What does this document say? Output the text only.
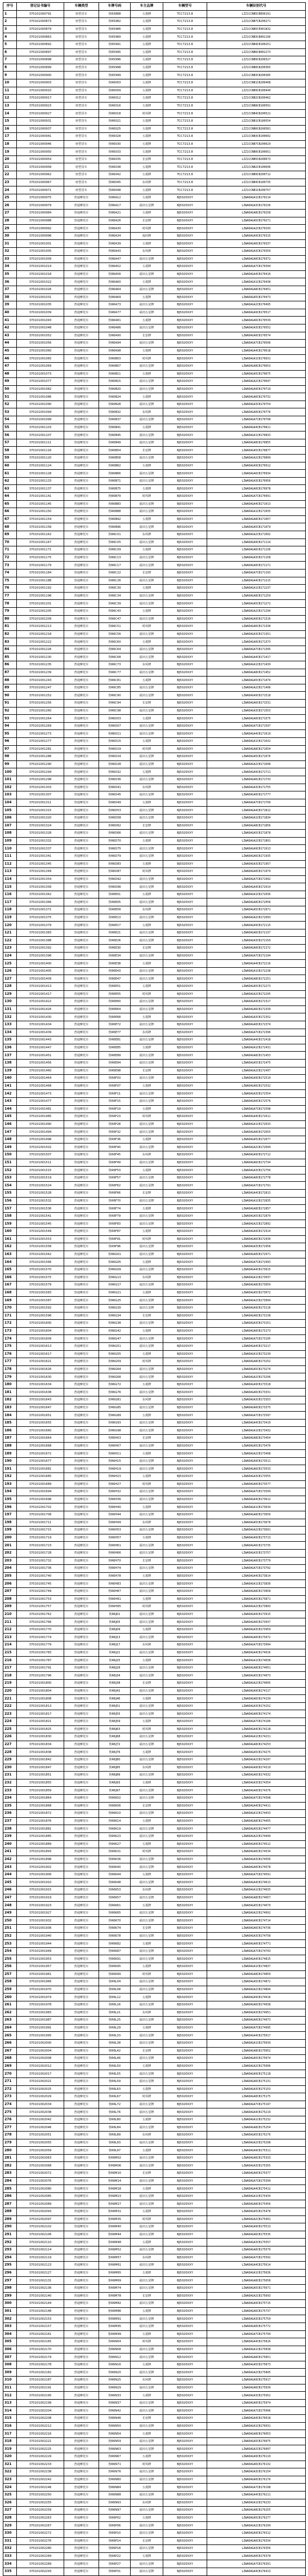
序号	登记证书编号	车辆类型	车牌号码	车主品牌	车辆型号	车辆识别代号
1	370101000791	轻型货车	鲁R3888	五菱牌	TCC7213.8	LZZ1CCNB5CBE00191
2	370101000873	轻型货车	鲁R5982	五菱牌	TCC7213.8	LZZ1CCNB7CB200271
3	370101000879	轻型货车	鲁R5986	五菱牌	TCC7213.8	LZZ1CCNB5CE001832
4	370101000863	轻型货车	鲁R5989	五菱牌	TCC7213.8	LZZ1CCNB3CB002196
5	370101000892	轻型货车	鲁R5991	五菱牌	TCC7213.8	LZZ1CCNB4CB100251
6	370101000897	轻型货车	鲁R5995	五菱牌	TCC7213.8	LZZ1CCNB6CB002273
7	370101000898	轻型货车	鲁R5996	五菱牌	TCC7213.8	LZZ1CCNB9CB200327
8	370101000899	轻型货车	鲁R5998	五菱牌	TCC7213.8	LZZ1CCNB0CB200365
9	370101000900	轻型货车	鲁R5999	五菱牌	TCC7213.8	LZZ1CCNB3CB200385
10	370101000903	轻型货车	鲁R6003	五菱牌	TCC7213.8	LZZ1CCNB1CB200408
11	370101000910	轻型货车	鲁R6009	五菱牌	TCC7213.8	LZZ1CCNB9CB100440
12	370101000917	轻型货车	鲁R6012	五菱牌	TCC7213.8	LZZ1CCNB2CB200462
13	370101000923	轻型货车	鲁R6016	五菱牌	TCC7213.8	LZZ1CCNB8CB100501
14	370101000927	轻型货车	鲁R6018	时风牌	TCC7213.8	LZZ1CCNB4CB200522
15	370101000931	轻型货车	鲁R6021	五菱牌	TCC7213.8	LZZ1CCNB1CB100554
16	370101000937	轻型货车	鲁R6025	五菱牌	TCC7213.8	LZZ1CCNB6CB200581
17	370101000941	轻型货车	鲁R6028	五菱牌	TCC7213.8	LZZ1CCNB3CB100602
18	370101000946	轻型货车	鲁R6030	五菱牌	TCC7213.8	LZZ1CCNB7CB200629
19	370101000950	轻型货车	鲁R6033	五菱牌	TCC7213.8	LZZ1CCNB0CB100651
20	370101000954	轻型货车	鲁R6035	长安牌	TCC7213.8	LZZ1CCNB5CB200673
21	370101000958	轻型货车	鲁R6038	五菱牌	TCC7213.8	LZZ1CCNB2CB100696
22	370101000962	轻型货车	鲁R6042	五菱牌	TCC7213.8	LZZ1CCNB9CB200712
23	370101000967	轻型货车	鲁R6045	东风牌	TCC7213.8	LZZ1CCNB4CB100735
24	370101000971	轻型货车	鲁R6048	五菱牌	TCC7213.8	LZZ1CCNB1CB200757
25	370101000975	普通摩托车	鲁R6A12	五菱牌	BJ5020XXY	LZWADAGA1CB170214
26	370101000979	普通摩托车	鲁R6A17	福田五星牌	BJ5020XXY	LZWADAGA3CB170236
27	370101000984	普通摩托车	鲁R6A21	五菱牌	BJ5020XXY	LZWADAGA8CB170258
28	370101000988	普通摩托车	鲁R6A26	长安牌	BJ5020XXY	LZWADAGA5CB170271
29	370101000992	普通摩托车	鲁R6A30	时风牌	BJ5020XXY	LZWADAGA2CB170293
30	370101000996	普通摩托车	鲁R6A34	福田牌	BJ5020XXY	LZWADAGA9CB170315
31	370101001001	普通摩托车	鲁R6A39	五菱牌	BJ5020XXY	LZWADAGA6CB170337
32	370101001005	普通摩托车	鲁R6A43	东风牌	BJ5020XXY	LZWADAGA3CB170359
33	370101001009	普通摩托车	鲁R6A47	福田五星牌	BJ5020XXY	LZWADAGA0CB170372
34	370101001014	普通摩托车	鲁R6A52	五菱牌	BJ5020XXY	LZWADAGA7CB170394
35	370101001018	普通摩托车	鲁R6A56	福田五星牌	BJ5020XXY	LZWADAGA4CB170416
36	370101001022	普通摩托车	鲁R6A60	五菱牌	BJ5020XXY	LZWADAGA1CB170438
37	370101001026	普通摩托车	鲁R6A64	福田五星牌	BJ5020XXY	LZWADAGA8CB170451
38	370101001031	普通摩托车	鲁R6A69	五菱牌	BJ5020XXY	LZWADAGA5CB170473
39	370101001035	普通摩托车	鲁R6A73	福田五星牌	BJ5020XXY	LZWADAGA2CB170495
40	370101001039	普通摩托车	鲁R6A77	福田五星牌	BJ5020XXY	LZWADAGA9CB170517
41	370101001043	普通摩托车	鲁R6A81	五菱牌	BJ5020XXY	LZWADAGA6CB170539
42	370101001048	普通摩托车	鲁R6A86	福田五星牌	BJ5020XXY	LZWADAGA3CB170552
43	370101001052	普通摩托车	鲁R6A90	长安牌	BJ5020XXY	LZWADAGA0CB170574
44	370101001056	普通摩托车	鲁R6A94	福田五星牌	BJ5020XXY	LZWADAGA7CB170596
45	370101001060	普通摩托车	鲁R6A98	五菱牌	BJ5020XXY	LZWADAGA4CB170618
46	370101001065	普通摩托车	鲁R6B03	时风牌	BJ5020XXY	LZWADAGA1CB170631
47	370101001069	普通摩托车	鲁R6B07	福田五星牌	BJ5020XXY	LZWADAGA8CB170653
48	370101001073	普通摩托车	鲁R6B11	五菱牌	BJ5020XXY	LZWADAGA5CB170675
49	370101001077	普通摩托车	鲁R6B15	福田五星牌	BJ5020XXY	LZWADAGA2CB170697
50	370101001082	普通摩托车	鲁R6B20	福田五星牌	BJ5020XXY	LZWADAGA9CB170719
51	370101001086	普通摩托车	鲁R6B24	五菱牌	BJ5020XXY	LZWADAGA6CB170732
52	370101001090	普通摩托车	鲁R6B28	福田五星牌	BJ5020XXY	LZWADAGA3CB170754
53	370101001094	普通摩托车	鲁R6B32	东风牌	BJ5020XXY	LZWADAGA0CB170776
54	370101001099	普通摩托车	鲁R6B37	福田五星牌	BJ5020XXY	LZWADAGA7CB170798
55	370101001103	普通摩托车	鲁R6B41	五菱牌	BJ5020XXY	LZWADAGA4CB170811
56	370101001107	普通摩托车	鲁R6B45	福田五星牌	BJ5020XXY	LZWADAGA1CB170833
57	370101001111	普通摩托车	鲁R6B49	福田五星牌	BJ5020XXY	LZWADAGA8CB170855
58	370101001116	普通摩托车	鲁R6B54	长安牌	BJ5020XXY	LZWADAGA5CB170877
59	370101001120	普通摩托车	鲁R6B58	福田五星牌	BJ5020XXY	LZWADAGA2CB170899
60	370101001124	普通摩托车	鲁R6B62	五菱牌	BJ5020XXY	LZWADAGA9CB170912
61	370101001128	普通摩托车	鲁R6B66	福田五星牌	BJ5020XXY	LZWADAGA6CB170934
62	370101001133	普通摩托车	鲁R6B71	福田五星牌	BJ5020XXY	LZWADAGA3CB170956
63	370101001137	普通摩托车	鲁R6B75	五菱牌	BJ5020XXY	LZWADAGA0CB170978
64	370101001141	普通摩托车	鲁R6B79	时风牌	BJ5020XXY	LZWADAGA7CB170991
65	370101001145	普通摩托车	鲁R6B83	福田五星牌	BJ5020XXY	LZWADAGA4CB171013
66	370101001150	普通摩托车	鲁R6B88	福田五星牌	BJ5020XXY	LZWADAGA1CB171035
67	370101001154	普通摩托车	鲁R6B92	五菱牌	BJ5020XXY	LZWADAGA8CB171057
68	370101001158	普通摩托车	鲁R6B96	福田五星牌	BJ5020XXY	LZWADAGA5CB171079
69	370101001162	普通摩托车	鲁R6C01	东风牌	BJ5020XXY	LZWADAGA2CB171092
70	370101001167	普通摩托车	鲁R6C05	福田五星牌	BJ5020XXY	LZWADAGA9CB171114
71	370101001171	普通摩托车	鲁R6C09	五菱牌	BJ5020XXY	LZWADAGA6CB171136
72	370101001175	普通摩托车	鲁R6C13	福田五星牌	BJ5020XXY	LZWADAGA3CB171158
73	370101001179	普通摩托车	鲁R6C17	福田五星牌	BJ5020XXY	LZWADAGA0CB171171
74	370101001184	普通摩托车	鲁R6C22	长安牌	BJ5020XXY	LZWADAGA7CB171193
75	370101001188	普通摩托车	鲁R6C26	福田五星牌	BJ5020XXY	LZWADAGA4CB171215
76	370101001192	普通摩托车	鲁R6C30	五菱牌	BJ5020XXY	LZWADAGA1CB171237
77	370101001196	普通摩托车	鲁R6C34	福田五星牌	BJ5020XXY	LZWADAGA8CB171259
78	370101001201	普通摩托车	鲁R6C39	福田五星牌	BJ5020XXY	LZWADAGA5CB171272
79	370101001205	普通摩托车	鲁R6C43	五菱牌	BJ5020XXY	LZWADAGA2CB171294
80	370101001209	普通摩托车	鲁R6C47	福田五星牌	BJ5020XXY	LZWADAGA9CB171316
81	370101001213	普通摩托车	鲁R6C51	时风牌	BJ5020XXY	LZWADAGA6CB171338
82	370101001218	普通摩托车	鲁R6C56	福田五星牌	BJ5020XXY	LZWADAGA3CB171351
83	370101001222	普通摩托车	鲁R6C60	五菱牌	BJ5020XXY	LZWADAGA0CB171373
84	370101001226	普通摩托车	鲁R6C64	福田五星牌	BJ5020XXY	LZWADAGA7CB171395
85	370101001230	普通摩托车	鲁R6C68	福田五星牌	BJ5020XXY	LZWADAGA4CB171417
86	370101001235	普通摩托车	鲁R6C73	东风牌	BJ5020XXY	LZWADAGA1CB171439
87	370101001239	普通摩托车	鲁R6C77	福田五星牌	BJ5020XXY	LZWADAGA8CB171452
88	370101001243	普通摩托车	鲁R6C81	五菱牌	BJ5020XXY	LZWADAGA5CB171474
89	370101001247	普通摩托车	鲁R6C85	福田五星牌	BJ5020XXY	LZWADAGA2CB171496
90	370101001252	普通摩托车	鲁R6C90	福田五星牌	BJ5020XXY	LZWADAGA9CB171518
91	370101001256	普通摩托车	鲁R6C94	长安牌	BJ5020XXY	LZWADAGA6CB171531
92	370101001260	普通摩托车	鲁R6C98	福田五星牌	BJ5020XXY	LZWADAGA3CB171553
93	370101001264	普通摩托车	鲁R6D03	五菱牌	BJ5020XXY	LZWADAGA0CB171575
94	370101001269	普通摩托车	鲁R6D07	福田五星牌	BJ5020XXY	LZWADAGA7CB171597
95	370101001273	普通摩托车	鲁R6D11	福田五星牌	BJ5020XXY	LZWADAGA4CB171619
96	370101001277	普通摩托车	鲁R6D15	五菱牌	BJ5020XXY	LZWADAGA1CB171632
97	370101001281	普通摩托车	鲁R6D19	时风牌	BJ5020XXY	LZWADAGA8CB171654
98	370101001286	普通摩托车	鲁R6D24	福田五星牌	BJ5020XXY	LZWADAGA5CB171676
99	370101001290	普通摩托车	鲁R6D28	福田五星牌	BJ5020XXY	LZWADAGA2CB171698
100	370101001294	普通摩托车	鲁R6D32	五菱牌	BJ5020XXY	LZWADAGA9CB171711
101	370101001298	普通摩托车	鲁R6D36	福田五星牌	BJ5020XXY	LZWADAGA6CB171733
102	370101001303	普通摩托车	鲁R6D41	东风牌	BJ5020XXY	LZWADAGA3CB171755
103	370101001307	普通摩托车	鲁R6D45	福田五星牌	BJ5020XXY	LZWADAGA0CB171777
104	370101001311	普通摩托车	鲁R6D49	五菱牌	BJ5020XXY	LZWADAGA7CB171799
105	370101001315	普通摩托车	鲁R6D53	福田五星牌	BJ5020XXY	LZWADAGA4CB171812
106	370101001320	普通摩托车	鲁R6D58	福田五星牌	BJ5020XXY	LZWADAGA1CB171834
107	370101001324	普通摩托车	鲁R6D62	长安牌	BJ5020XXY	LZWADAGA8CB171856
108	370101001328	普通摩托车	鲁R6D66	福田五星牌	BJ5020XXY	LZWADAGA5CB171878
109	370101001332	普通摩托车	鲁R6D70	五菱牌	BJ5020XXY	LZWADAGA2CB171891
110	370101001337	普通摩托车	鲁R6D75	福田五星牌	BJ5020XXY	LZWADAGA9CB171913
111	370101001341	普通摩托车	鲁R6D79	福田五星牌	BJ5020XXY	LZWADAGA6CB171935
112	370101001345	普通摩托车	鲁R6D83	五菱牌	BJ5020XXY	LZWADAGA3CB171957
113	370101001349	普通摩托车	鲁R6D87	时风牌	BJ5020XXY	LZWADAGA0CB171979
114	370101001354	普通摩托车	鲁R6D92	福田五星牌	BJ5020XXY	LZWADAGA7CB171992
115	370101001358	普通摩托车	鲁R6D96	福田五星牌	BJ5020XXY	LZWADAGA4CB172014
116	370101001362	普通摩托车	鲁R6E01	五菱牌	BJ5020XXY	LZWADAGA1CB172036
117	370101001366	普通摩托车	鲁R6E05	福田五星牌	BJ5020XXY	LZWADAGA8CB172058
118	370101001371	普通摩托车	鲁R6E09	东风牌	BJ5020XXY	LZWADAGA5CB172071
119	370101001375	普通摩托车	鲁R6E13	福田五星牌	BJ5020XXY	LZWADAGA2CB172093
120	370101001379	普通摩托车	鲁R6E17	五菱牌	BJ5020XXY	LZWADAGA9CB172115
121	370101001383	普通摩托车	鲁R6E21	福田五星牌	BJ5020XXY	LZWADAGA6CB172137
122	370101001388	普通摩托车	鲁R6E26	福田五星牌	BJ5020XXY	LZWADAGA3CB172159
123	370101001392	普通摩托车	鲁R6E30	长安牌	BJ5020XXY	LZWADAGA0CB172172
124	370101001396	普通摩托车	鲁R6E34	福田五星牌	BJ5020XXY	LZWADAGA7CB172194
125	370101001400	普通摩托车	鲁R6E38	五菱牌	BJ5020XXY	LZWADAGA4CB172216
126	370101001405	普通摩托车	鲁R6E43	福田五星牌	BJ5020XXY	LZWADAGA1CB172238
127	370101001409	普通摩托车	鲁R6E47	福田五星牌	BJ5020XXY	LZWADAGA8CB172251
128	370101001413	普通摩托车	鲁R6E51	五菱牌	BJ5020XXY	LZWADAGA5CB172273
129	370101001417	普通摩托车	鲁R6E55	时风牌	BJ5020XXY	LZWADAGA2CB172295
130	370101001422	普通摩托车	鲁R6E60	福田五星牌	BJ5020XXY	LZWADAGA9CB172317
131	370101001426	普通摩托车	鲁R6E64	福田五星牌	BJ5020XXY	LZWADAGA6CB172339
132	370101001430	普通摩托车	鲁R6E68	五菱牌	BJ5020XXY	LZWADAGA3CB172352
133	370101001434	普通摩托车	鲁R6E72	福田五星牌	BJ5020XXY	LZWADAGA0CB172374
134	370101001439	普通摩托车	鲁R6E77	东风牌	BJ5020XXY	LZWADAGA7CB172396
135	370101001443	普通摩托车	鲁R6E81	福田五星牌	BJ5020XXY	LZWADAGA4CB172418
136	370101001447	普通摩托车	鲁R6E85	五菱牌	BJ5020XXY	LZWADAGA1CB172431
137	370101001451	普通摩托车	鲁R6E89	福田五星牌	BJ5020XXY	LZWADAGA8CB172453
138	370101001456	普通摩托车	鲁R6E94	福田五星牌	BJ5020XXY	LZWADAGA5CB172475
139	370101001460	普通摩托车	鲁R6E98	长安牌	BJ5020XXY	LZWADAGA2CB172497
140	370101001464	普通摩托车	鲁R6F03	福田五星牌	BJ5020XXY	LZWADAGA9CB172519
141	370101001468	普通摩托车	鲁R6F07	五菱牌	BJ5020XXY	LZWADAGA6CB172532
142	370101001473	普通摩托车	鲁R6F11	福田五星牌	BJ5020XXY	LZWADAGA3CB172554
143	370101001477	普通摩托车	鲁R6F15	福田五星牌	BJ5020XXY	LZWADAGA0CB172576
144	370101001481	普通摩托车	鲁R6F19	五菱牌	BJ5020XXY	LZWADAGA7CB172598
145	370101001485	普通摩托车	鲁R6F23	时风牌	BJ5020XXY	LZWADAGA4CB172611
146	370101001490	普通摩托车	鲁R6F28	福田五星牌	BJ5020XXY	LZWADAGA1CB172633
147	370101001494	普通摩托车	鲁R6F32	福田五星牌	BJ5020XXY	LZWADAGA8CB172655
148	370101001498	普通摩托车	鲁R6F36	五菱牌	BJ5020XXY	LZWADAGA5CB172677
149	370101001502	普通摩托车	鲁R6F40	福田五星牌	BJ5020XXY	LZWADAGA2CB172699
150	370101001507	普通摩托车	鲁R6F45	东风牌	BJ5020XXY	LZWADAGA9CB172712
151	370101001511	普通摩托车	鲁R6F49	福田五星牌	BJ5020XXY	LZWADAGA6CB172734
152	370101001515	普通摩托车	鲁R6F53	五菱牌	BJ5020XXY	LZWADAGA3CB172756
153	370101001519	普通摩托车	鲁R6F57	福田五星牌	BJ5020XXY	LZWADAGA0CB172778
154	370101001524	普通摩托车	鲁R6F62	福田五星牌	BJ5020XXY	LZWADAGA7CB172791
155	370101001528	普通摩托车	鲁R6F66	长安牌	BJ5020XXY	LZWADAGA4CB172813
156	370101001532	普通摩托车	鲁R6F70	福田五星牌	BJ5020XXY	LZWADAGA1CB172835
157	370101001536	普通摩托车	鲁R6F74	五菱牌	BJ5020XXY	LZWADAGA8CB172857
158	370101001541	普通摩托车	鲁R6F79	福田五星牌	BJ5020XXY	LZWADAGA5CB172879
159	370101001545	普通摩托车	鲁R6F83	福田五星牌	BJ5020XXY	LZWADAGA2CB172892
160	370101001549	普通摩托车	鲁R6F87	五菱牌	BJ5020XXY	LZWADAGA9CB172914
161	370101001553	普通摩托车	鲁R6F91	时风牌	BJ5020XXY	LZWADAGA6CB172936
162	370101001558	普通摩托车	鲁R6F96	福田五星牌	BJ5020XXY	LZWADAGA3CB172958
163	370101001562	普通摩托车	鲁R6G01	福田五星牌	BJ5020XXY	LZWADAGA0CB172971
164	370101001566	普通摩托车	鲁R6G05	五菱牌	BJ5020XXY	LZWADAGA7CB172993
165	370101001570	普通摩托车	鲁R6G09	福田五星牌	BJ5020XXY	LZWADAGA4CB173015
166	370101001575	普通摩托车	鲁R6G13	东风牌	BJ5020XXY	LZWADAGA1CB173037
167	370101001579	普通摩托车	鲁R6G17	福田五星牌	BJ5020XXY	LZWADAGA8CB173059
168	370101001583	普通摩托车	鲁R6G21	五菱牌	BJ5020XXY	LZWADAGA5CB173072
169	370101001587	普通摩托车	鲁R6G25	福田五星牌	BJ5020XXY	LZWADAGA2CB173094
170	370101001592	普通摩托车	鲁R6G30	福田五星牌	BJ5020XXY	LZWADAGA9CB173116
171	370101001596	普通摩托车	鲁R6G34	长安牌	BJ5020XXY	LZWADAGA6CB173138
172	370101001600	普通摩托车	鲁R6G38	福田五星牌	BJ5020XXY	LZWADAGA3CB173151
173	370101001604	普通摩托车	鲁R6G42	五菱牌	BJ5020XXY	LZWADAGA0CB173173
174	370101001609	普通摩托车	鲁R6G47	福田五星牌	BJ5020XXY	LZWADAGA7CB173195
175	370101001613	普通摩托车	鲁R6G51	福田五星牌	BJ5020XXY	LZWADAGA4CB173217
176	370101001617	普通摩托车	鲁R6G55	五菱牌	BJ5020XXY	LZWADAGA1CB173239
177	370101001621	普通摩托车	鲁R6G59	时风牌	BJ5020XXY	LZWADAGA8CB173252
178	370101001626	普通摩托车	鲁R6G64	福田五星牌	BJ5020XXY	LZWADAGA5CB173274
179	370101001630	普通摩托车	鲁R6G68	福田五星牌	BJ5020XXY	LZWADAGA2CB173296
180	370101001634	普通摩托车	鲁R6G72	五菱牌	BJ5020XXY	LZWADAGA9CB173318
181	370101001638	普通摩托车	鲁R6G76	福田五星牌	BJ5020XXY	LZWADAGA6CB173331
182	370101001643	普通摩托车	鲁R6G81	东风牌	BJ5020XXY	LZWADAGA3CB173353
183	370101001647	普通摩托车	鲁R6G85	福田五星牌	BJ5020XXY	LZWADAGA0CB173375
184	370101001651	普通摩托车	鲁R6G89	五菱牌	BJ5020XXY	LZWADAGA7CB173397
185	370101001655	普通摩托车	鲁R6G93	福田五星牌	BJ5020XXY	LZWADAGA4CB173419
186	370101001660	普通摩托车	鲁R6G98	福田五星牌	BJ5020XXY	LZWADAGA1CB173432
187	370101001664	普通摩托车	鲁R6H03	长安牌	BJ5020XXY	LZWADAGA8CB173454
188	370101001668	普通摩托车	鲁R6H07	福田五星牌	BJ5020XXY	LZWADAGA5CB173476
189	370101001672	普通摩托车	鲁R6H11	五菱牌	BJ5020XXY	LZWADAGA2CB173498
190	370101001677	普通摩托车	鲁R6H15	福田五星牌	BJ5020XXY	LZWADAGA9CB173511
191	370101001681	普通摩托车	鲁R6H19	福田五星牌	BJ5020XXY	LZWADAGA6CB173533
192	370101001685	普通摩托车	鲁R6H23	五菱牌	BJ5020XXY	LZWADAGA3CB173555
193	370101001689	普通摩托车	鲁R6H27	时风牌	BJ5020XXY	LZWADAGA0CB173577
194	370101001694	普通摩托车	鲁R6H32	福田五星牌	BJ5020XXY	LZWADAGA7CB173599
195	370101001698	普通摩托车	鲁R6H36	福田五星牌	BJ5020XXY	LZWADAGA4CB173612
196	370101001702	普通摩托车	鲁R6H40	五菱牌	BJ5020XXY	LZWADAGA1CB173634
197	370101001706	普通摩托车	鲁R6H44	福田五星牌	BJ5020XXY	LZWADAGA8CB173656
198	370101001711	普通摩托车	鲁R6H49	东风牌	BJ5020XXY	LZWADAGA5CB173678
199	370101001715	普通摩托车	鲁R6H53	福田五星牌	BJ5020XXY	LZWADAGA2CB173691
200	370101001719	普通摩托车	鲁R6H57	五菱牌	BJ5020XXY	LZWADAGA9CB173713
201	370101001723	普通摩托车	鲁R6H61	福田五星牌	BJ5020XXY	LZWADAGA6CB173735
202	370101001728	普通摩托车	鲁R6H66	福田五星牌	BJ5020XXY	LZWADAGA3CB173757
203	370101001732	普通摩托车	鲁R6H70	长安牌	BJ5020XXY	LZWADAGA0CB173779
204	370101001736	普通摩托车	鲁R6H74	福田五星牌	BJ5020XXY	LZWADAGA7CB173792
205	370101001740	普通摩托车	鲁R6H78	五菱牌	BJ5020XXY	LZWADAGA4CB173814
206	370101001745	普通摩托车	鲁R6H83	福田五星牌	BJ5020XXY	LZWADAGA1CB173836
207	370101001749	普通摩托车	鲁R6H87	福田五星牌	BJ5020XXY	LZWADAGA8CB173858
208	370101001753	普通摩托车	鲁R6H91	五菱牌	BJ5020XXY	LZWADAGA5CB173871
209	370101001757	普通摩托车	鲁R6H95	时风牌	BJ5020XXY	LZWADAGA2CB173893
210	370101001762	普通摩托车	鲁R6J01	福田五星牌	BJ5020XXY	LZWADAGA9CB173915
211	370101001766	普通摩托车	鲁R6J05	福田五星牌	BJ5020XXY	LZWADAGA6CB173937
212	370101001770	普通摩托车	鲁R6J09	五菱牌	BJ5020XXY	LZWADAGA3CB173959
213	370101001774	普通摩托车	鲁R6J13	福田五星牌	BJ5020XXY	LZWADAGA0CB173972
214	370101001779	普通摩托车	鲁R6J17	东风牌	BJ5020XXY	LZWADAGA7CB173994
215	370101001783	普通摩托车	鲁R6J21	福田五星牌	BJ5020XXY	LZWADAGA4CB174016
216	370101001787	普通摩托车	鲁R6J25	五菱牌	BJ5020XXY	LZWADAGA1CB174038
217	370101001791	普通摩托车	鲁R6J29	福田五星牌	BJ5020XXY	LZWADAGA8CB174051
218	370101001796	普通摩托车	鲁R6J34	福田五星牌	BJ5020XXY	LZWADAGA5CB174073
219	370101001800	普通摩托车	鲁R6J38	长安牌	BJ5020XXY	LZWADAGA2CB174095
220	370101001804	普通摩托车	鲁R6J42	福田五星牌	BJ5020XXY	LZWADAGA9CB174117
221	370101001808	普通摩托车	鲁R6J46	五菱牌	BJ5020XXY	LZWADAGA6CB174139
222	370101001813	普通摩托车	鲁R6J51	福田五星牌	BJ5020XXY	LZWADAGA3CB174152
223	370101001817	普通摩托车	鲁R6J55	福田五星牌	BJ5020XXY	LZWADAGA0CB174174
224	370101001821	普通摩托车	鲁R6J59	五菱牌	BJ5020XXY	LZWADAGA7CB174196
225	370101001825	普通摩托车	鲁R6J63	时风牌	BJ5020XXY	LZWADAGA4CB174218
226	370101001830	普通摩托车	鲁R6J68	福田五星牌	BJ5020XXY	LZWADAGA1CB174231
227	370101001834	普通摩托车	鲁R6J72	福田五星牌	BJ5020XXY	LZWADAGA8CB174253
228	370101001838	普通摩托车	鲁R6J76	五菱牌	BJ5020XXY	LZWADAGA5CB174275
229	370101001842	普通摩托车	鲁R6J80	福田五星牌	BJ5020XXY	LZWADAGA2CB174297
230	370101001847	普通摩托车	鲁R6J85	东风牌	BJ5020XXY	LZWADAGA9CB174319
231	370101001851	普通摩托车	鲁R6J89	福田五星牌	BJ5020XXY	LZWADAGA6CB174332
232	370101001855	普通摩托车	鲁R6J93	五菱牌	BJ5020XXY	LZWADAGA3CB174354
233	370101001859	普通摩托车	鲁R6J97	福田五星牌	BJ5020XXY	LZWADAGA0CB174376
234	370101001864	普通摩托车	鲁R6K02	福田五星牌	BJ5020XXY	LZWADAGA7CB174398
235	370101001868	普通摩托车	鲁R6K06	长安牌	BJ5020XXY	LZWADAGA4CB174411
236	370101001872	普通摩托车	鲁R6K10	福田五星牌	BJ5020XXY	LZWADAGA1CB174433
237	370101001876	普通摩托车	鲁R6K14	五菱牌	BJ5020XXY	LZWADAGA8CB174455
238	370101001881	普通摩托车	鲁R6K19	福田五星牌	BJ5020XXY	LZWADAGA5CB174477
239	370101001885	普通摩托车	鲁R6K23	福田五星牌	BJ5020XXY	LZWADAGA2CB174499
240	370101001889	普通摩托车	鲁R6K27	五菱牌	BJ5020XXY	LZWADAGA9CB174512
241	370101001893	普通摩托车	鲁R6K31	时风牌	BJ5020XXY	LZWADAGA6CB174534
242	370101001898	普通摩托车	鲁R6K36	福田五星牌	BJ5020XXY	LZWADAGA3CB174556
243	370101001902	普通摩托车	鲁R6K40	福田五星牌	BJ5020XXY	LZWADAGA0CB174578
244	370101001906	普通摩托车	鲁R6K44	五菱牌	BJ5020XXY	LZWADAGA7CB174591
245	370101001910	普通摩托车	鲁R6K48	福田五星牌	BJ5020XXY	LZWADAGA4CB174613
246	370101001915	普通摩托车	鲁R6K53	东风牌	BJ5020XXY	LZWADAGA1CB174635
247	370101001919	普通摩托车	鲁R6K57	福田五星牌	BJ5020XXY	LZWADAGA8CB174657
248	370101001923	普通摩托车	鲁R6K61	五菱牌	BJ5020XXY	LZWADAGA5CB174679
249	370101001927	普通摩托车	鲁R6K65	福田五星牌	BJ5020XXY	LZWADAGA2CB174692
250	370101001932	普通摩托车	鲁R6K70	福田五星牌	BJ5020XXY	LZWADAGA9CB174714
251	370101001936	普通摩托车	鲁R6K74	长安牌	BJ5020XXY	LZWADAGA6CB174736
252	370101001940	普通摩托车	鲁R6K78	福田五星牌	BJ5020XXY	LZWADAGA3CB174758
253	370101001944	普通摩托车	鲁R6K82	五菱牌	BJ5020XXY	LZWADAGA0CB174771
254	370101001949	普通摩托车	鲁R6K87	福田五星牌	BJ5020XXY	LZWADAGA7CB174793
255	370101001953	普通摩托车	鲁R6K91	福田五星牌	BJ5020XXY	LZWADAGA4CB174815
256	370101001957	普通摩托车	鲁R6K95	五菱牌	BJ5020XXY	LZWADAGA1CB174837
257	370101001961	普通摩托车	鲁R6K99	时风牌	BJ5020XXY	LZWADAGA8CB174859
258	370101001966	普通摩托车	鲁R6L04	福田五星牌	BJ5020XXY	LZWADAGA5CB174872
259	370101001970	普通摩托车	鲁R6L08	福田五星牌	BJ5020XXY	LZWADAGA2CB174894
260	370101001974	普通摩托车	鲁R6L12	五菱牌	BJ5020XXY	LZWADAGA9CB174916
261	370101001978	普通摩托车	鲁R6L16	福田五星牌	BJ5020XXY	LZWADAGA6CB174938
262	370101001983	普通摩托车	鲁R6L21	东风牌	BJ5020XXY	LZWADAGA3CB174951
263	370101001987	普通摩托车	鲁R6L25	福田五星牌	BJ5020XXY	LZWADAGA0CB174973
264	370101001991	普通摩托车	鲁R6L29	五菱牌	BJ5020XXY	LZWADAGA7CB174995
265	370101001995	普通摩托车	鲁R6L33	福田五星牌	BJ5020XXY	LZWADAGA4CB175017
266	370101002000	普通摩托车	鲁R6L38	福田五星牌	BJ5020XXY	LZWADAGA1CB175039
267	370101002004	普通摩托车	鲁R6L42	长安牌	BJ5020XXY	LZWADAGA8CB175052
268	370101002008	普通摩托车	鲁R6L46	福田五星牌	BJ5020XXY	LZWADAGA5CB175074
269	370101002012	普通摩托车	鲁R6L50	五菱牌	BJ5020XXY	LZWADAGA2CB175096
270	370101002017	普通摩托车	鲁R6L55	福田五星牌	BJ5020XXY	LZWADAGA9CB175118
271	370101002021	普通摩托车	鲁R6L59	福田五星牌	BJ5020XXY	LZWADAGA6CB175131
272	370101002025	普通摩托车	鲁R6L63	五菱牌	BJ5020XXY	LZWADAGA3CB175153
273	370101002029	普通摩托车	鲁R6L67	时风牌	BJ5020XXY	LZWADAGA0CB175175
274	370101002034	普通摩托车	鲁R6L72	福田五星牌	BJ5020XXY	LZWADAGA7CB175197
275	370101002038	普通摩托车	鲁R6L76	福田五星牌	BJ5020XXY	LZWADAGA4CB175219
276	370101002042	普通摩托车	鲁R6L80	五菱牌	BJ5020XXY	LZWADAGA1CB175232
277	370101002046	普通摩托车	鲁R6L84	福田五星牌	BJ5020XXY	LZWADAGA8CB175254
278	370101002051	普通摩托车	鲁R6L89	东风牌	BJ5020XXY	LZWADAGA5CB175276
279	370101002055	普通摩托车	鲁R6L93	福田五星牌	BJ5020XXY	LZWADAGA2CB175298
280	370101002059	普通摩托车	鲁R6L97	五菱牌	BJ5020XXY	LZWADAGA9CB175311
281	370101002063	普通摩托车	鲁R6M02	福田五星牌	BJ5020XXY	LZWADAGA6CB175333
282	370101002068	普通摩托车	鲁R6M06	福田五星牌	BJ5020XXY	LZWADAGA3CB175355
283	370101002072	普通摩托车	鲁R6M10	长安牌	BJ5020XXY	LZWADAGA0CB175377
284	370101002076	普通摩托车	鲁R6M14	福田五星牌	BJ5020XXY	LZWADAGA7CB175399
285	370101002080	普通摩托车	鲁R6M18	五菱牌	BJ5020XXY	LZWADAGA4CB175412
286	370101002085	普通摩托车	鲁R6M23	福田五星牌	BJ5020XXY	LZWADAGA1CB175434
287	370101002089	普通摩托车	鲁R6M27	福田五星牌	BJ5020XXY	LZWADAGA8CB175456
288	370101002093	普通摩托车	鲁R6M31	五菱牌	BJ5020XXY	LZWADAGA5CB175478
289	370101002097	普通摩托车	鲁R6M35	时风牌	BJ5020XXY	LZWADAGA2CB175491
290	370101002102	普通摩托车	鲁R6M40	福田五星牌	BJ5020XXY	LZWADAGA9CB175513
291	370101002106	普通摩托车	鲁R6M44	福田五星牌	BJ5020XXY	LZWADAGA6CB175535
292	370101002110	普通摩托车	鲁R6M48	五菱牌	BJ5020XXY	LZWADAGA3CB175557
293	370101002114	普通摩托车	鲁R6M52	福田五星牌	BJ5020XXY	LZWADAGA0CB175579
294	370101002119	普通摩托车	鲁R6M57	东风牌	BJ5020XXY	LZWADAGA7CB175592
295	370101002123	普通摩托车	鲁R6M61	福田五星牌	BJ5020XXY	LZWADAGA4CB175614
296	370101002127	普通摩托车	鲁R6M65	五菱牌	BJ5020XXY	LZWADAGA1CB175636
297	370101002131	普通摩托车	鲁R6M69	福田五星牌	BJ5020XXY	LZWADAGA8CB175658
298	370101002136	普通摩托车	鲁R6M74	福田五星牌	BJ5020XXY	LZWADAGA5CB175671
299	370101002140	普通摩托车	鲁R6M78	长安牌	BJ5020XXY	LZWADAGA2CB175693
300	370101002144	普通摩托车	鲁R6M82	福田五星牌	BJ5020XXY	LZWADAGA9CB175715
301	370101002148	普通摩托车	鲁R6M86	五菱牌	BJ5020XXY	LZWADAGA6CB175737
302	370101002153	普通摩托车	鲁R6M91	福田五星牌	BJ5020XXY	LZWADAGA3CB175759
303	370101002157	普通摩托车	鲁R6M95	福田五星牌	BJ5020XXY	LZWADAGA0CB175772
304	370101002161	普通摩托车	鲁R6M99	五菱牌	BJ5020XXY	LZWADAGA7CB175794
305	370101002165	普通摩托车	鲁R6N04	时风牌	BJ5020XXY	LZWADAGA4CB175816
306	370101002170	普通摩托车	鲁R6N08	福田五星牌	BJ5020XXY	LZWADAGA1CB175838
307	370101002174	普通摩托车	鲁R6N12	福田五星牌	BJ5020XXY	LZWADAGA8CB175851
308	370101002178	普通摩托车	鲁R6N16	五菱牌	BJ5020XXY	LZWADAGA5CB175873
309	370101002182	普通摩托车	鲁R6N20	福田五星牌	BJ5020XXY	LZWADAGA2CB175895
310	370101002187	普通摩托车	鲁R6N25	东风牌	BJ5020XXY	LZWADAGA9CB175917
311	370101002191	普通摩托车	鲁R6N29	福田五星牌	BJ5020XXY	LZWADAGA6CB175939
312	370101002195	普通摩托车	鲁R6N33	五菱牌	BJ5020XXY	LZWADAGA3CB175952
313	370101002199	普通摩托车	鲁R6N37	福田五星牌	BJ5020XXY	LZWADAGA0CB175974
314	370101002204	普通摩托车	鲁R6N42	福田五星牌	BJ5020XXY	LZWADAGA7CB175996
315	370101002208	普通摩托车	鲁R6N46	长安牌	BJ5020XXY	LZWADAGA4CB176018
316	370101002212	普通摩托车	鲁R6N50	福田五星牌	BJ5020XXY	LZWADAGA1CB176031
317	370101002216	普通摩托车	鲁R6N54	五菱牌	BJ5020XXY	LZWADAGA8CB176053
318	370101002221	普通摩托车	鲁R6N59	福田五星牌	BJ5020XXY	LZWADAGA5CB176075
319	370101002225	普通摩托车	鲁R6N63	福田五星牌	BJ5020XXY	LZWADAGA2CB176097
320	370101002229	普通摩托车	鲁R6N67	五菱牌	BJ5020XXY	LZWADAGA9CB176119
321	370101002233	普通摩托车	鲁R6N71	时风牌	BJ5020XXY	LZWADAGA6CB176132
322	370101002238	普通摩托车	鲁R6N76	福田五星牌	BJ5020XXY	LZWADAGA3CB176154
323	370101002242	普通摩托车	鲁R6N80	福田五星牌	BJ5020XXY	LZWADAGA0CB176176
324	370101002246	普通摩托车	鲁R6N84	五菱牌	BJ5020XXY	LZWADAGA7CB176198
325	370101002250	普通摩托车	鲁R6N88	福田五星牌	BJ5020XXY	LZWADAGA4CB176211
326	370101002255	普通摩托车	鲁R6N93	东风牌	BJ5020XXY	LZWADAGA1CB176233
327	370101002259	普通摩托车	鲁R6N97	福田五星牌	BJ5020XXY	LZWADAGA8CB176255
328	370101002263	普通摩托车	鲁R6P02	五菱牌	BJ5020XXY	LZWADAGA5CB176277
329	370101002267	普通摩托车	鲁R6P06	福田五星牌	BJ5020XXY	LZWADAGA2CB176299
330	370101002272	普通摩托车	鲁R6P10	福田五星牌	BJ5020XXY	LZWADAGA9CB176312
331	370101002276	普通摩托车	鲁R6P14	长安牌	BJ5020XXY	LZWADAGA6CB176334
332	370101002280	普通摩托车	鲁R6P18	福田五星牌	BJ5020XXY	LZWADAGA3CB176356
333	370101002284	普通摩托车	鲁R6P22	五菱牌	BJ5020XXY	LZWADAGA0CB176378
334	370101002289	普通摩托车	鲁R6P27	福田五星牌	BJ5020XXY	LZWADAGA7CB176391
335	370101002293	普通摩托车	鲁R6P31	福田五星牌	BJ5020XXY	LZWADAGA4CB176413
